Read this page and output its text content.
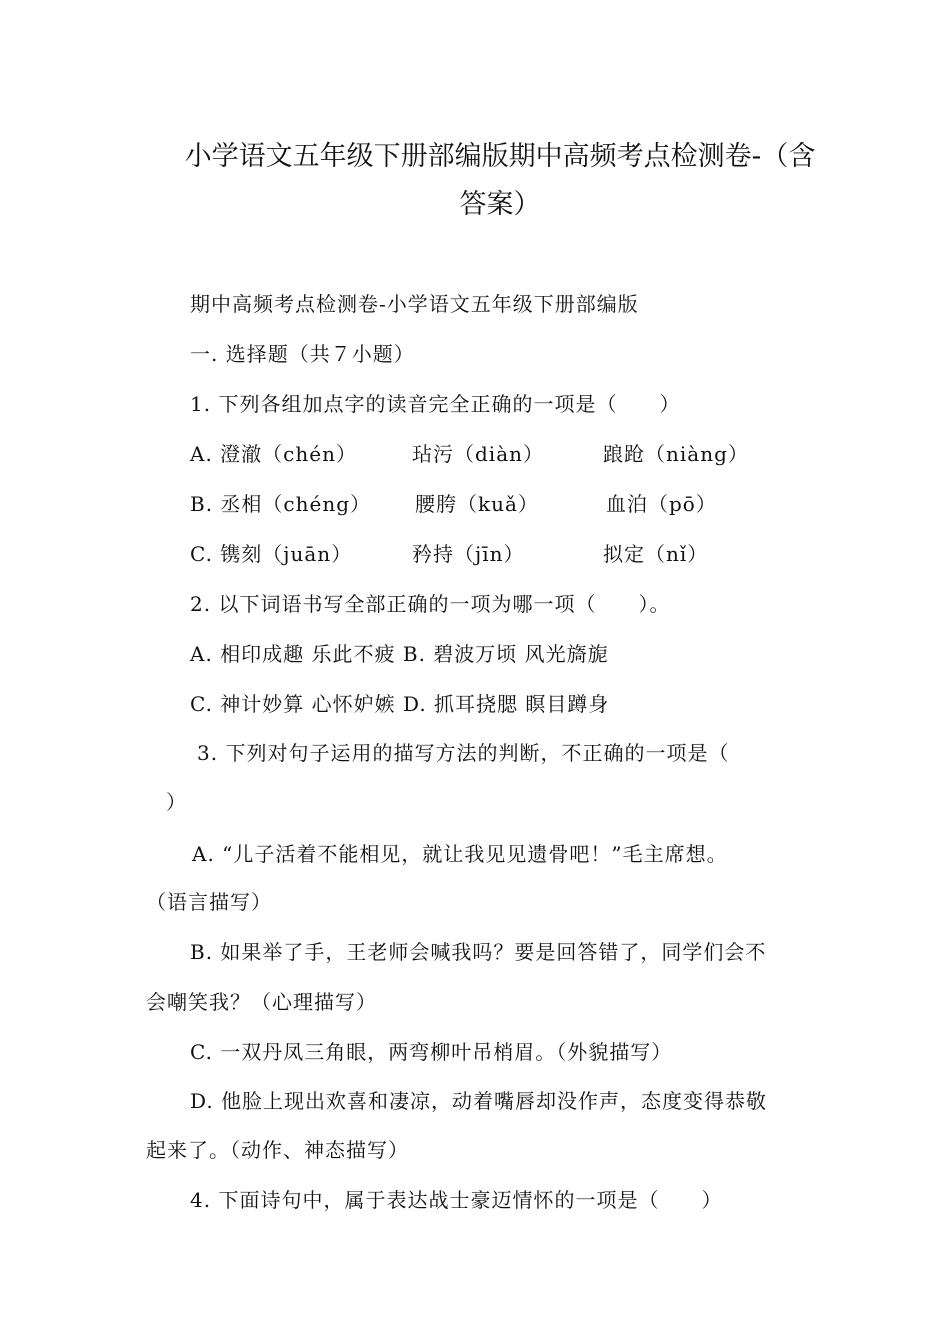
小学语文五年级下册部编版期中高频考点检测卷-（含
答案）
期中高频考点检测卷-小学语文五年级下册部编版
一. 选择题（共７小题）
1. 下列各组加点字的读音完全正确的一项是（　　）
A. 澄澈（chén）	玷污（diàn）	踉跄（niàng）
B. 丞相（chéng） 腰胯（kuǎ）	血泊（pō）
C. 镌刻（juān）	矜持（jīn）	拟定（nǐ）
2. 以下词语书写全部正确的一项为哪一项（　　）。
A. 相印成趣 乐此不疲 B. 碧波万顷 风光旖旎
C. 神计妙算 心怀妒嫉 D. 抓耳挠腮 瞑目蹲身
3. 下列对句子运用的描写方法的判断，不正确的一项是（
）
A. “儿子活着不能相见，就让我见见遗骨吧！”毛主席想。
（语言描写）
B. 如果举了手，王老师会喊我吗？要是回答错了，同学们会不
会嘲笑我？（心理描写）
C. 一双丹凤三角眼，两弯柳叶吊梢眉。（外貌描写）
D. 他脸上现出欢喜和凄凉，动着嘴唇却没作声，态度变得恭敬
起来了。（动作、神态描写）
4. 下面诗句中，属于表达战士豪迈情怀的一项是（　　）
